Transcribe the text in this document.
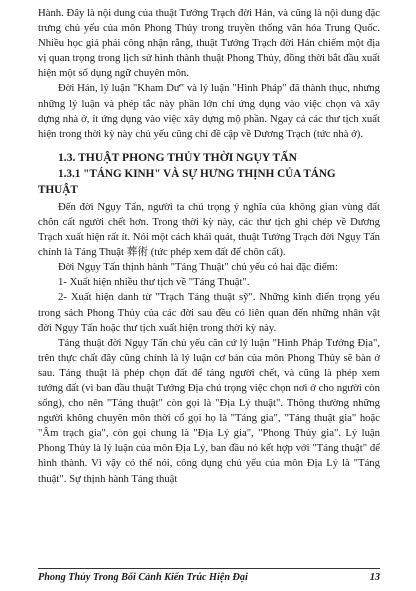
Hành. Đây là nội dung của thuật Tướng Trạch đời Hán, và cũng là nội dung đặc trưng chủ yếu của môn Phong Thủy trong truyền thống văn hóa Trung Quốc. Nhiều học giả phải công nhận rằng, thuật Tướng Trạch đời Hán chiếm một địa vị quan trọng trong lịch sử hình thành thuật Phong Thủy, đồng thời bắt đầu xuất hiện một số dụng ngữ chuyên môn.

Đời Hán, lý luận "Kham Dư" và lý luận "Hình Pháp" đã thành thục, nhưng những lý luận và phép tắc này phần lớn chỉ ứng dụng vào việc chọn và xây dựng nhà ở, ít ứng dụng vào việc xây dựng mộ phần. Ngay cả các thư tịch xuất hiện trong thời kỳ này chủ yếu cũng chỉ đề cập về Dương Trạch (tức nhà ở).

1.3. THUẬT PHONG THỦY THỜI NGỤY TẤN
1.3.1 "TÁNG KINH" VÀ SỰ HƯNG THỊNH CỦA TÁNG
THUẬT

Đến đời Ngụy Tấn, người ta chú trọng ý nghĩa của không gian vùng đất chôn cất người chết hơn. Trong thời kỳ này, các thư tịch ghi chép về Dương Trạch xuất hiện rất ít. Nói một cách khái quát, thuật Tướng Trạch đời Ngụy Tấn chính là Táng Thuật 葬術 (tức phép xem đất để chôn cất).

Đời Ngụy Tấn thịnh hành "Táng Thuật" chủ yếu có hai đặc điểm:

1- Xuất hiện nhiều thư tịch về "Táng Thuật".

2- Xuất hiện danh từ "Trạch Táng thuật sỹ". Những kinh điển trọng yếu trong sách Phong Thủy của các đời sau đều có liên quan đến những nhân vật đời Ngụy Tấn hoặc thư tịch xuất hiện trong thời kỳ này.

Táng thuật đời Ngụy Tấn chủ yếu căn cứ lý luận "Hình Pháp Tướng Địa", trên thực chất đây cũng chính là lý luận cơ bản của môn Phong Thủy sẽ bàn ở sau. Táng thuật là phép chọn đất để táng người chết, và cũng là phép xem tướng đất (vì ban đầu thuật Tướng Địa chú trọng việc chọn nơi ở cho người còn sống), cho nên "Táng thuật" còn gọi là "Địa Lý thuật". Thông thường những người không chuyên môn thời cổ gọi họ là "Táng gia", "Táng thuật gia" hoặc "Âm trạch gia", còn gọi chung là "Địa Lý gia", "Phong Thủy gia". Lý luận Phong Thủy là lý luận của môn Địa Lý, ban đầu nó kết hợp với "Táng thuật" để hình thành. Vì vậy có thể nói, công dụng chủ yếu của môn Địa Lý là "Táng thuật". Sự thịnh hành Táng thuật

Phong Thủy Trong Bối Cảnh Kiến Trúc Hiện Đại	13
